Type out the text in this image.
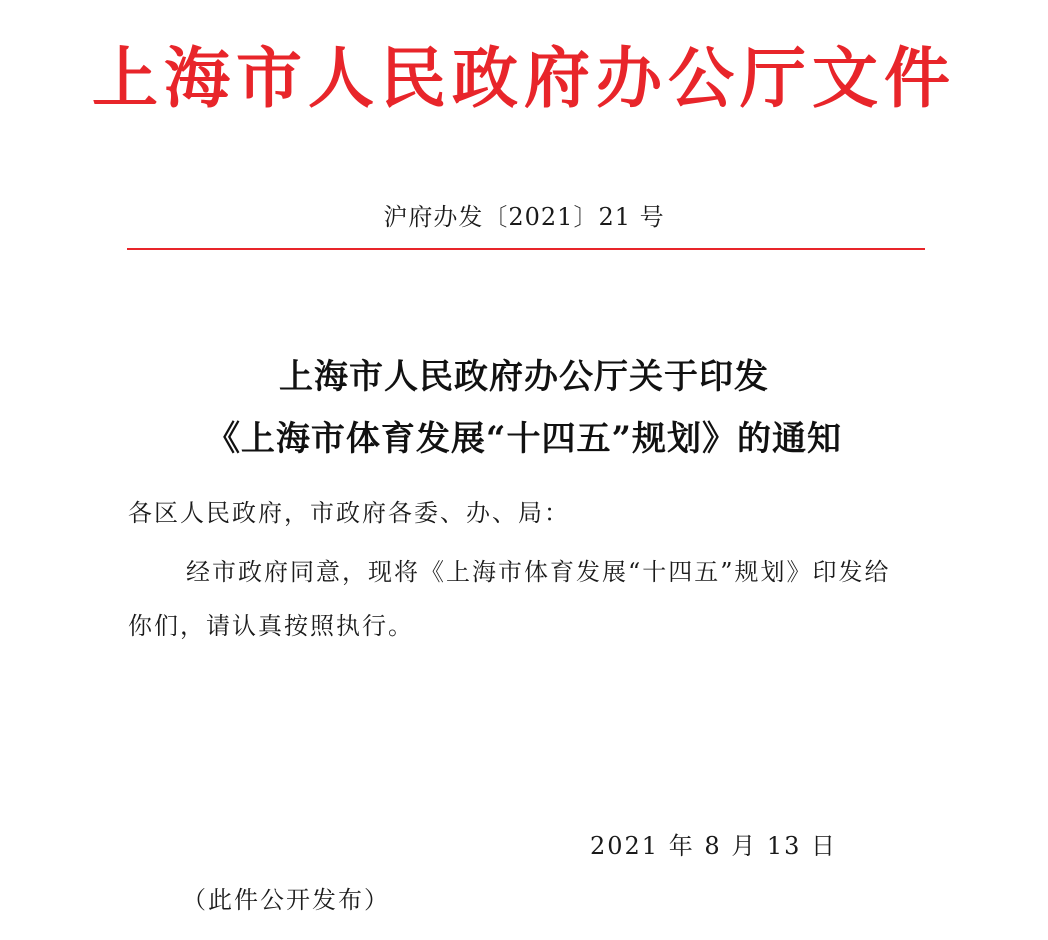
上海市人民政府办公厅文件
沪府办发〔2021〕21 号
上海市人民政府办公厅关于印发
《上海市体育发展“十四五”规划》的通知
各区人民政府，市政府各委、办、局：
经市政府同意，现将《上海市体育发展“十四五”规划》印发给
你们，请认真按照执行。
2021 年 8 月 13 日
（此件公开发布）
